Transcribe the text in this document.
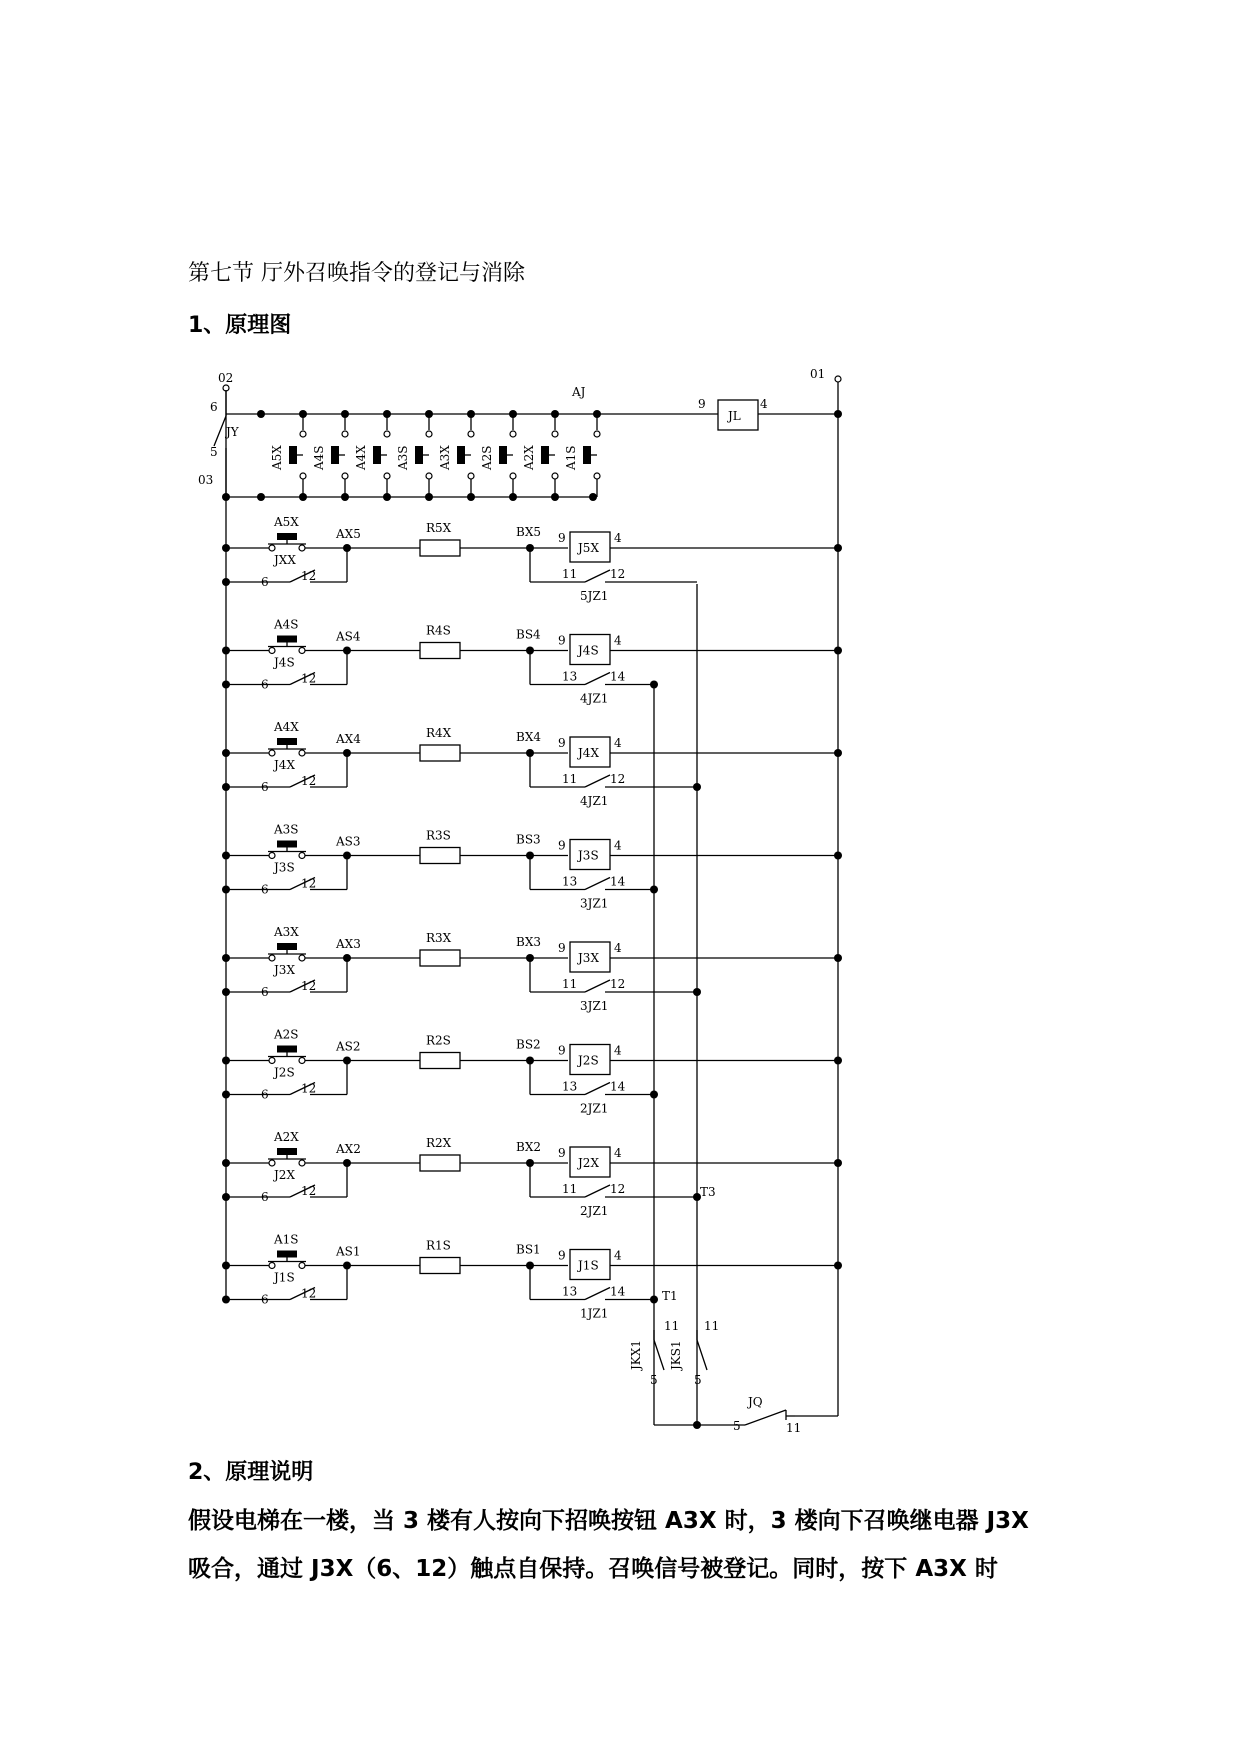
第七节 厅外召唤指令的登记与消除
1、原理图
A5X A4S A4X A3S A3X A2S A2X A1S
A5X
JXX
AX5
6	12
R5X	BX5 9
J5X
4
11	12
5JZ1
A4S
J4S
AS4
6	12
R4S	BS4 9
J4S
4
13	14
4JZ1
A4X
J4X
AX4
6	12
R4X	BX4 9
J4X
4
11	12
4JZ1
A3S
J3S
AS3
6	12
R3S	BS3 9
J3S
4
13	14
3JZ1
A3X
J3X
AX3
6	12
R3X	BX3 9
J3X
4
11	12
3JZ1
A2S
J2S
AS2
6	12
R2S	BS2 9
J2S
4
13	14
2JZ1
A2X
J2X
AX2
6	12
R2X	BX2 9
J2X
4
11	12
2JZ1
A1S
J1S
AS1
6	12
R1S	BS1 9
J1S
4
13	14
1JZ1
02	01
03
AJ
JY
6
5
9
JL
4
T1
T3
JKX1
11
5
JKS1
11
5
JQ
5	11
2、原理说明

假设电梯在一楼，当 3 楼有人按向下招唤按钮 A3X 时，3 楼向下召唤继电器 J3X

吸合，通过 J3X（6、12）触点自保持。召唤信号被登记。同时，按下 A3X 时
